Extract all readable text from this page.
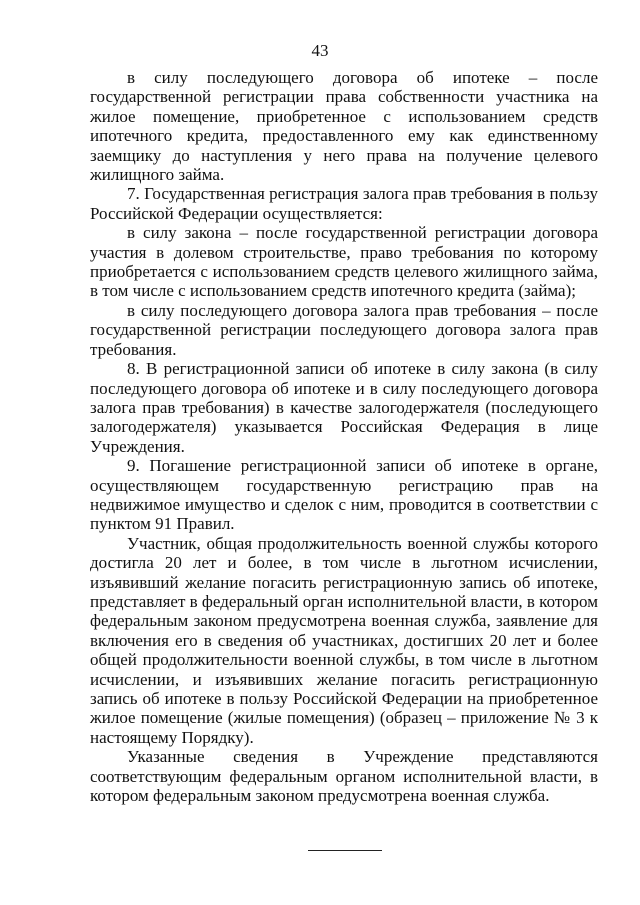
43

в силу последующего договора об ипотеке – после государственной регистрации права собственности участника на жилое помещение, приобретенное с использованием средств ипотечного кредита, предоставленного ему как единственному заемщику до наступления у него права на получение целевого жилищного займа.

7. Государственная регистрация залога прав требования в пользу Российской Федерации осуществляется:

в силу закона – после государственной регистрации договора участия в долевом строительстве, право требования по которому приобретается с использованием средств целевого жилищного займа, в том числе с использованием средств ипотечного кредита (займа);

в силу последующего договора залога прав требования – после государственной регистрации последующего договора залога прав требования.

8. В регистрационной записи об ипотеке в силу закона (в силу последующего договора об ипотеке и в силу последующего договора залога прав требования) в качестве залогодержателя (последующего залогодержателя) указывается Российская Федерация в лице Учреждения.

9. Погашение регистрационной записи об ипотеке в органе, осуществляющем государственную регистрацию прав на недвижимое имущество и сделок с ним, проводится в соответствии с пунктом 91 Правил.

Участник, общая продолжительность военной службы которого достигла 20 лет и более, в том числе в льготном исчислении, изъявивший желание погасить регистрационную запись об ипотеке, представляет в федеральный орган исполнительной власти, в котором федеральным законом предусмотрена военная служба, заявление для включения его в сведения об участниках, достигших 20 лет и более общей продолжительности военной службы, в том числе в льготном исчислении, и изъявивших желание погасить регистрационную запись об ипотеке в пользу Российской Федерации на приобретенное жилое помещение (жилые помещения) (образец – приложение № 3 к настоящему Порядку).

Указанные сведения в Учреждение представляются соответствующим федеральным органом исполнительной власти, в котором федеральным законом предусмотрена военная служба.
